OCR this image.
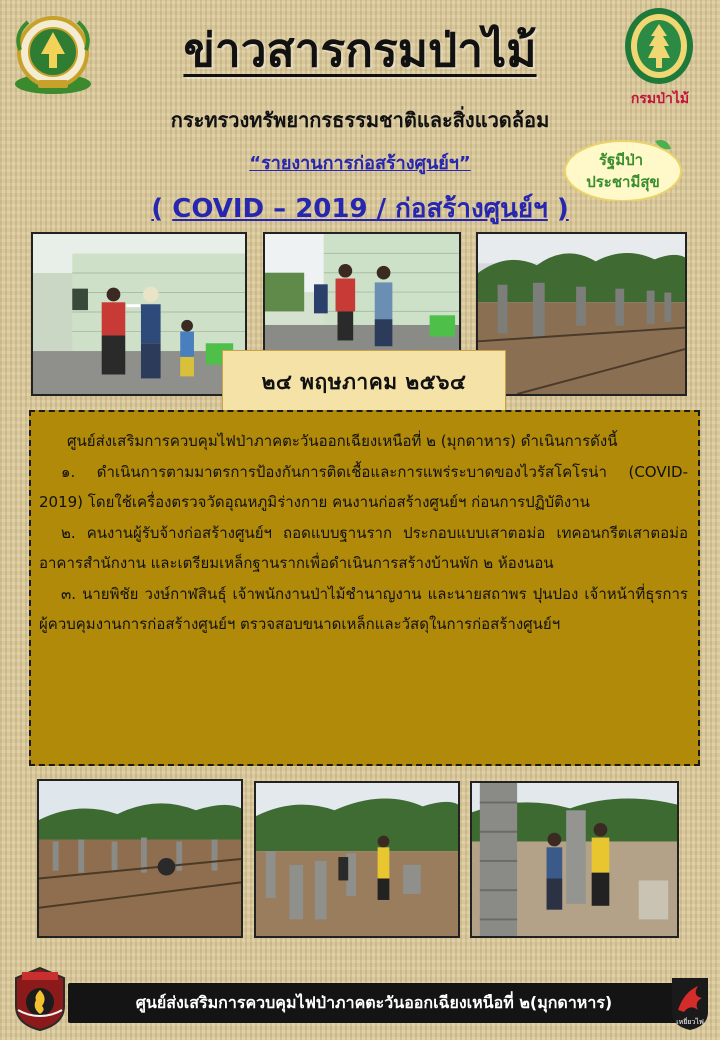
ข่าวสารกรมป่าไม้
กรมป่าไม้
กระทรวงทรัพยากรธรรมชาติและสิ่งแวดล้อม
“รายงานการก่อสร้างศูนย์ฯ”
( COVID – 2019 / ก่อสร้างศูนย์ฯ )
รัฐมีป่า
ประชามีสุข
๒๔ พฤษภาคม ๒๕๖๔

ศูนย์ส่งเสริมการควบคุมไฟป่าภาคตะวันออกเฉียงเหนือที่ ๒ (มุกดาหาร) ดำเนินการดังนี้

๑. ดำเนินการตามมาตรการป้องกันการติดเชื้อและการแพร่ระบาดของไวรัสโคโรน่า (COVID-2019) โดยใช้เครื่องตรวจวัดอุณหภูมิร่างกาย คนงานก่อสร้างศูนย์ฯ ก่อนการปฏิบัติงาน

๒. คนงานผู้รับจ้างก่อสร้างศูนย์ฯ ถอดแบบฐานราก ประกอบแบบเสาตอม่อ เทคอนกรีตเสาตอม่ออาคารสำนักงาน และเตรียมเหล็กฐานรากเพื่อดำเนินการสร้างบ้านพัก ๒ ห้องนอน

๓. นายพิชัย วงษ์กาฬสินธุ์ เจ้าพนักงานป่าไม้ชำนาญงาน และนายสถาพร ปุนปอง เจ้าหน้าที่ธุรการ ผู้ควบคุมงานการก่อสร้างศูนย์ฯ ตรวจสอบขนาดเหล็กและวัสดุในการก่อสร้างศูนย์ฯ

ศูนย์ส่งเสริมการควบคุมไฟป่าภาคตะวันออกเฉียงเหนือที่ ๒(มุกดาหาร)
เหยี่ยวไฟ
